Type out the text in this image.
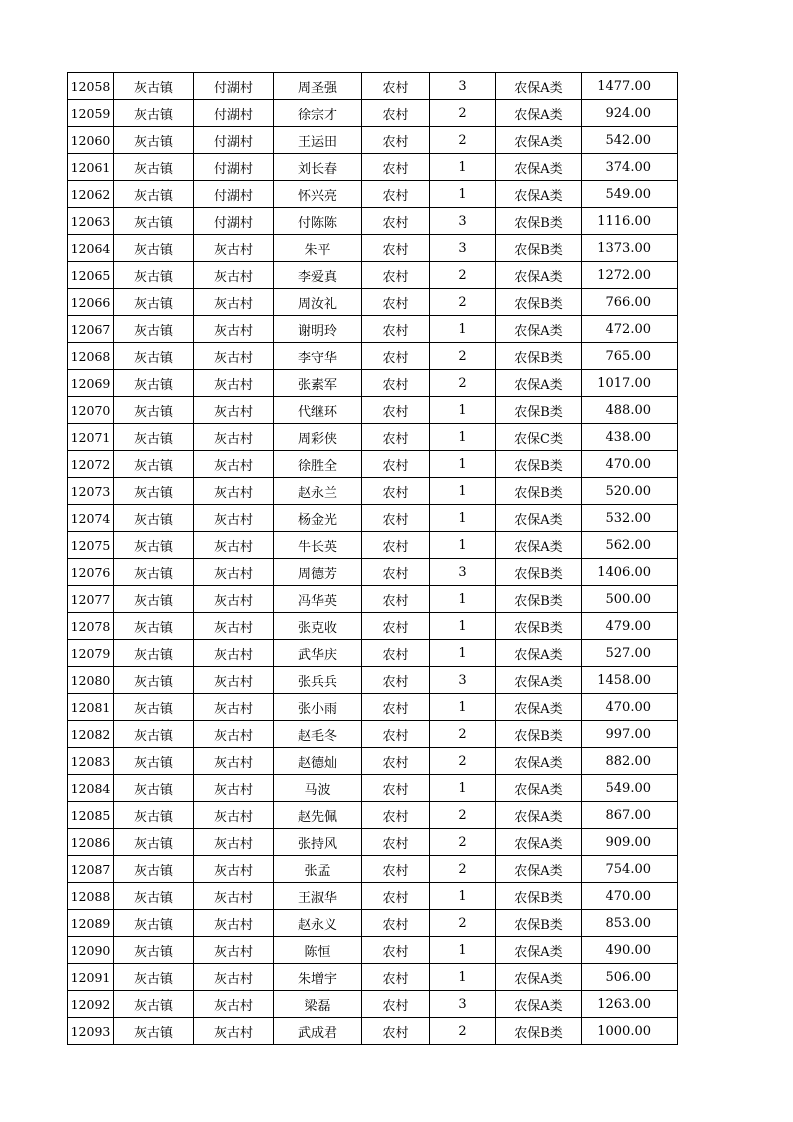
12058	灰古镇	付湖村	周圣强	农村	3	农保A类	1477.00
12059	灰古镇	付湖村	徐宗才	农村	2	农保A类	924.00
12060	灰古镇	付湖村	王运田	农村	2	农保A类	542.00
12061	灰古镇	付湖村	刘长春	农村	1	农保A类	374.00
12062	灰古镇	付湖村	怀兴亮	农村	1	农保A类	549.00
12063	灰古镇	付湖村	付陈陈	农村	3	农保B类	1116.00
12064	灰古镇	灰古村	朱平	农村	3	农保B类	1373.00
12065	灰古镇	灰古村	李爱真	农村	2	农保A类	1272.00
12066	灰古镇	灰古村	周汝礼	农村	2	农保B类	766.00
12067	灰古镇	灰古村	谢明玲	农村	1	农保A类	472.00
12068	灰古镇	灰古村	李守华	农村	2	农保B类	765.00
12069	灰古镇	灰古村	张素军	农村	2	农保A类	1017.00
12070	灰古镇	灰古村	代继环	农村	1	农保B类	488.00
12071	灰古镇	灰古村	周彩侠	农村	1	农保C类	438.00
12072	灰古镇	灰古村	徐胜全	农村	1	农保B类	470.00
12073	灰古镇	灰古村	赵永兰	农村	1	农保B类	520.00
12074	灰古镇	灰古村	杨金光	农村	1	农保A类	532.00
12075	灰古镇	灰古村	牛长英	农村	1	农保A类	562.00
12076	灰古镇	灰古村	周德芳	农村	3	农保B类	1406.00
12077	灰古镇	灰古村	冯华英	农村	1	农保B类	500.00
12078	灰古镇	灰古村	张克收	农村	1	农保B类	479.00
12079	灰古镇	灰古村	武华庆	农村	1	农保A类	527.00
12080	灰古镇	灰古村	张兵兵	农村	3	农保A类	1458.00
12081	灰古镇	灰古村	张小雨	农村	1	农保A类	470.00
12082	灰古镇	灰古村	赵毛冬	农村	2	农保B类	997.00
12083	灰古镇	灰古村	赵德灿	农村	2	农保A类	882.00
12084	灰古镇	灰古村	马波	农村	1	农保A类	549.00
12085	灰古镇	灰古村	赵先佩	农村	2	农保A类	867.00
12086	灰古镇	灰古村	张持风	农村	2	农保A类	909.00
12087	灰古镇	灰古村	张孟	农村	2	农保A类	754.00
12088	灰古镇	灰古村	王淑华	农村	1	农保B类	470.00
12089	灰古镇	灰古村	赵永义	农村	2	农保B类	853.00
12090	灰古镇	灰古村	陈恒	农村	1	农保A类	490.00
12091	灰古镇	灰古村	朱增宇	农村	1	农保A类	506.00
12092	灰古镇	灰古村	梁磊	农村	3	农保A类	1263.00
12093	灰古镇	灰古村	武成君	农村	2	农保B类	1000.00
